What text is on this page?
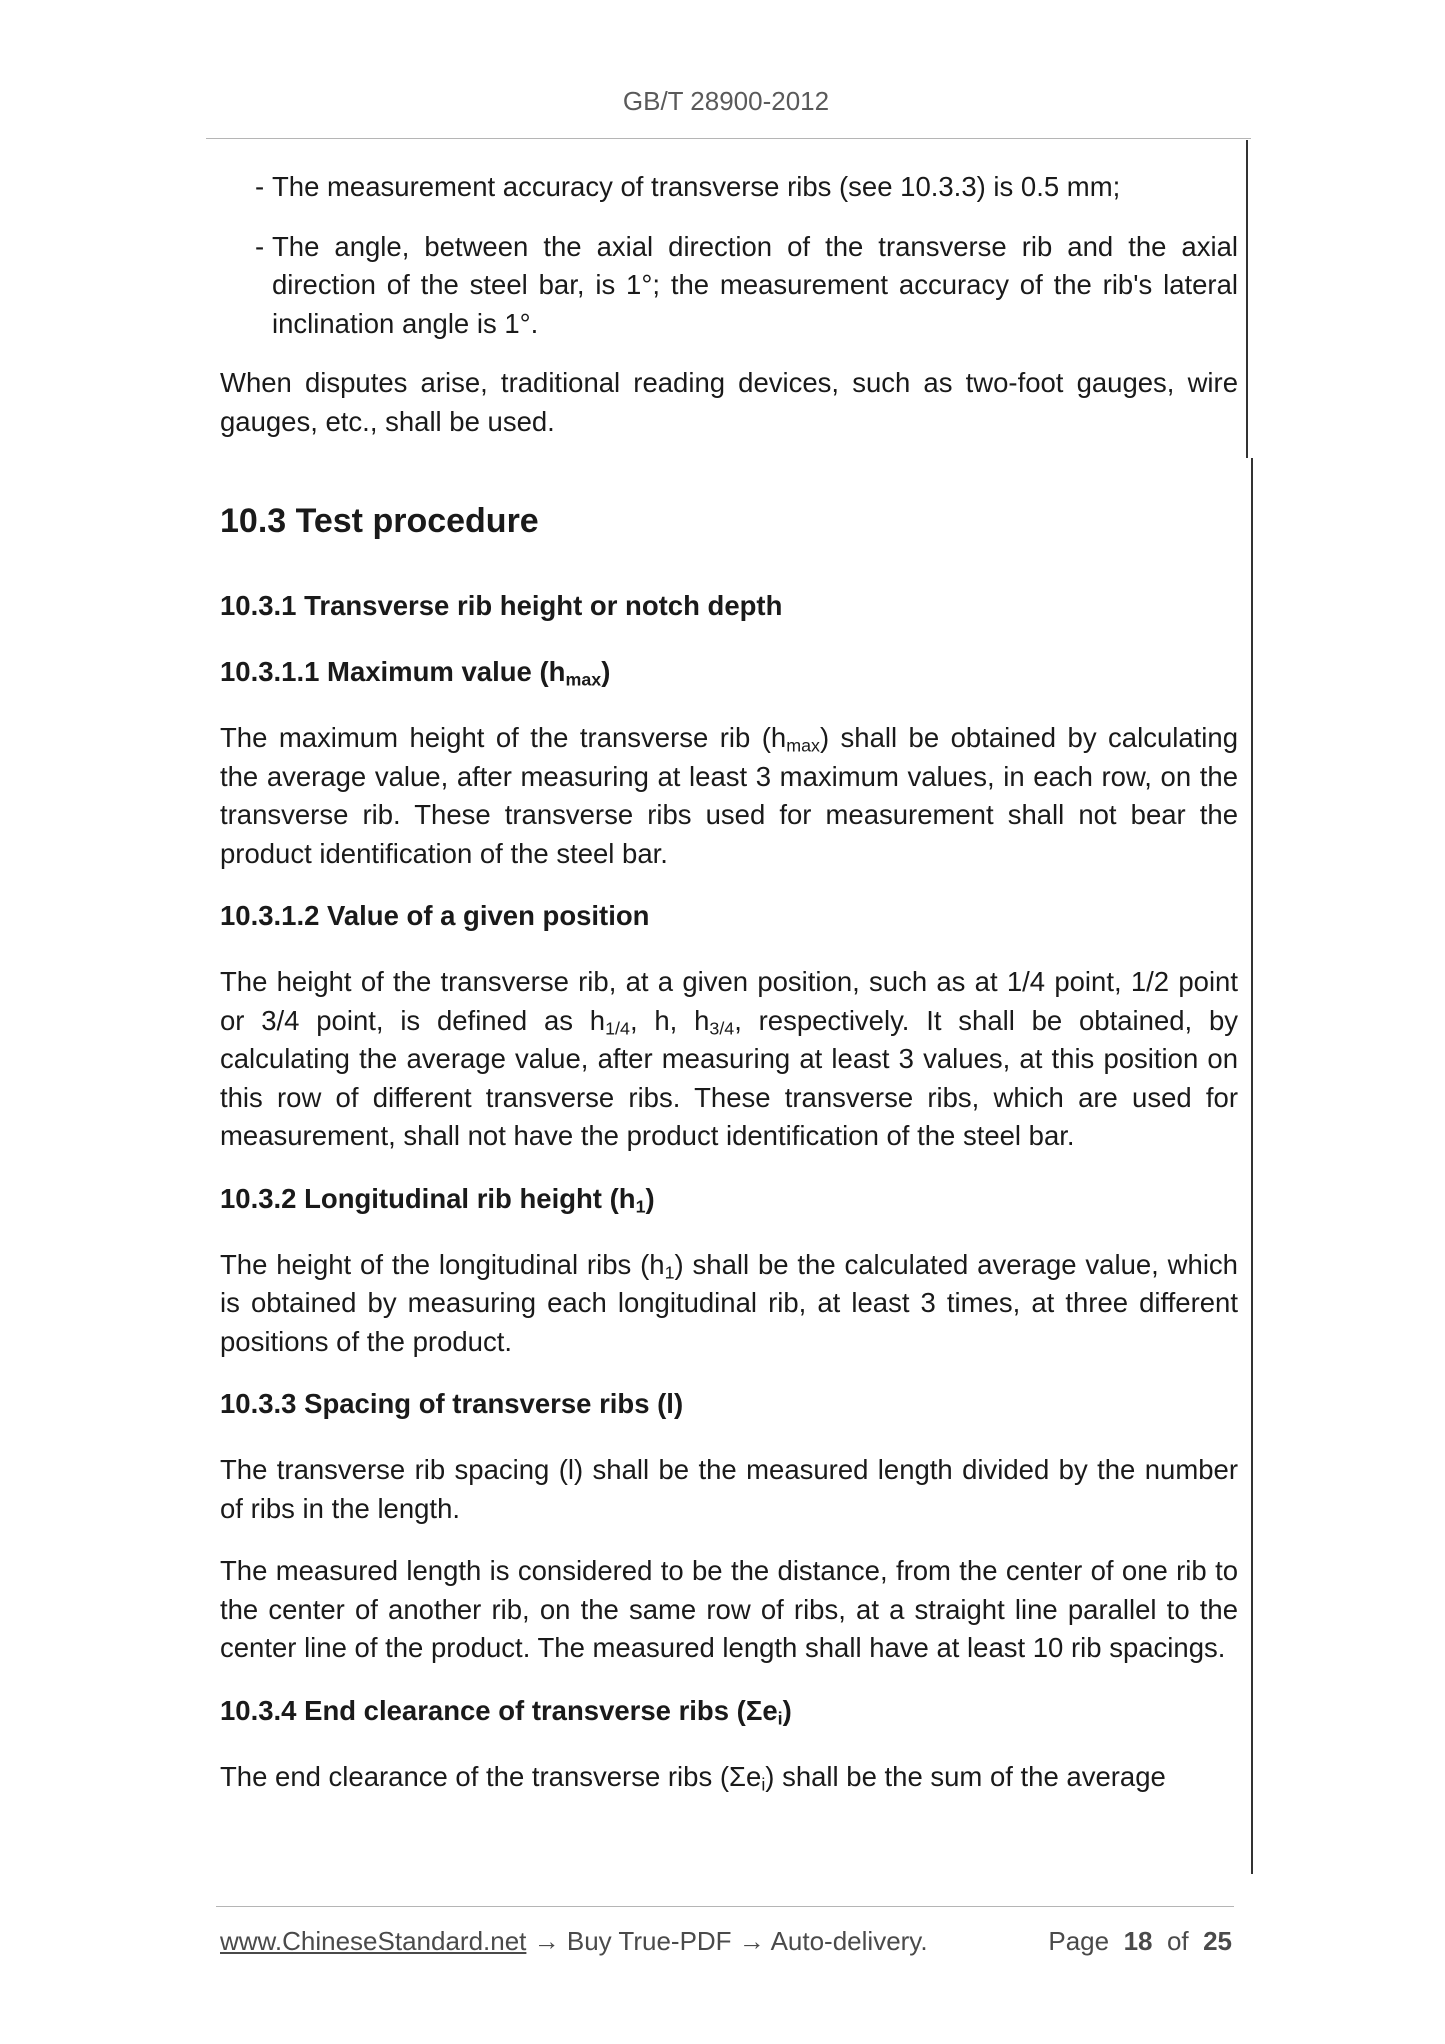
GB/T 28900-2012
- The measurement accuracy of transverse ribs (see 10.3.3) is 0.5 mm;
- The angle, between the axial direction of the transverse rib and the axial direction of the steel bar, is 1°; the measurement accuracy of the rib's lateral inclination angle is 1°.

When disputes arise, traditional reading devices, such as two-foot gauges, wire gauges, etc., shall be used.

10.3 Test procedure
10.3.1 Transverse rib height or notch depth
10.3.1.1 Maximum value $(h_{max})$

The maximum height of the transverse rib $(h_{max})$ shall be obtained by calculating the average value, after measuring at least 3 maximum values, in each row, on the transverse rib. These transverse ribs used for measurement shall not bear the product identification of the steel bar.

10.3.1.2 Value of a given position

The height of the transverse rib, at a given position, such as at 1/4 point, 1/2 point or 3/4 point, is defined as $h_{1/4}$, h, $h_{3/4}$, respectively. It shall be obtained, by calculating the average value, after measuring at least 3 values, at this position on this row of different transverse ribs. These transverse ribs, which are used for measurement, shall not have the product identification of the steel bar.

10.3.2 Longitudinal rib height $(h_1)$

The height of the longitudinal ribs $(h_1)$ shall be the calculated average value, which is obtained by measuring each longitudinal rib, at least 3 times, at three different positions of the product.

10.3.3 Spacing of transverse ribs (l)

The transverse rib spacing (l) shall be the measured length divided by the number of ribs in the length.

The measured length is considered to be the distance, from the center of one rib to the center of another rib, on the same row of ribs, at a straight line parallel to the center line of the product. The measured length shall have at least 10 rib spacings.

10.3.4 End clearance of transverse ribs $(\Sigma e_i)$

The end clearance of the transverse ribs $(\Sigma e_i)$ shall be the sum of the average

www.ChineseStandard.net → Buy True-PDF → Auto-delivery.	Page 18 of 25
